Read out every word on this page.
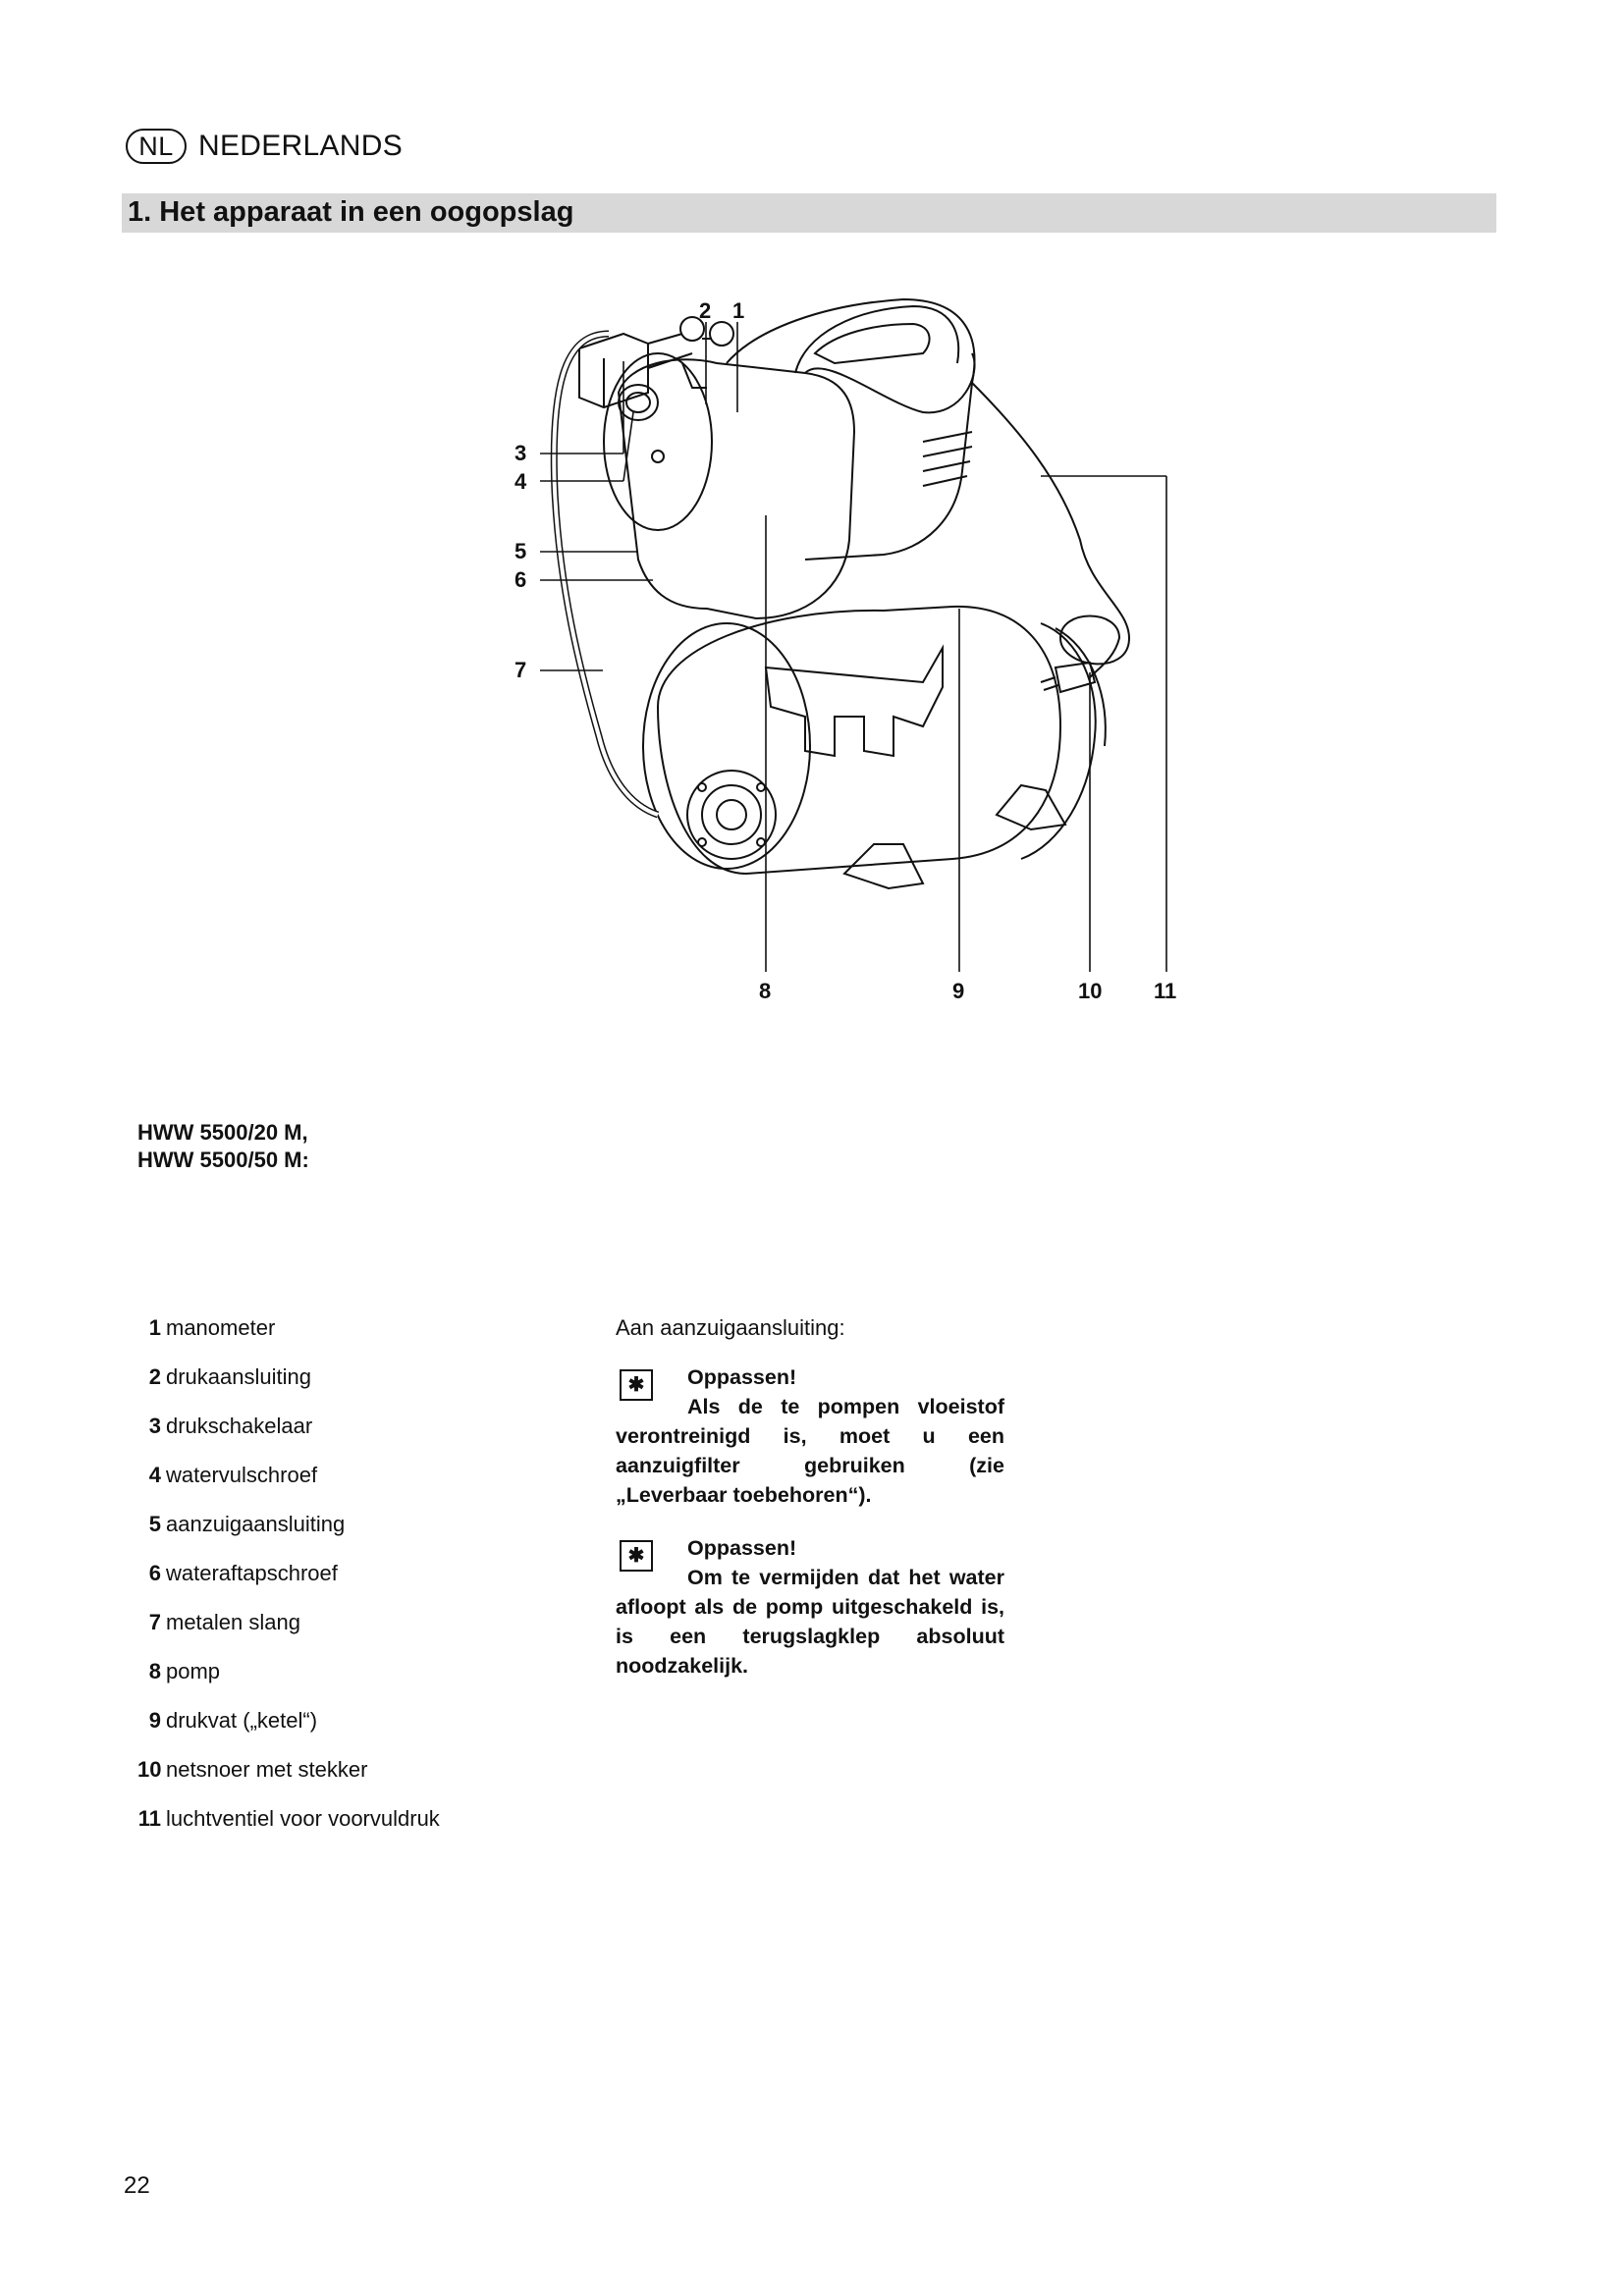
NL NEDERLANDS
1. Het apparaat in een oogopslag
1
2
3
4
5
6
7
8	9	10 11
HWW 5500/20 M,
HWW 5500/50 M:
1 manometer
2 drukaansluiting
3 drukschakelaar
4 watervulschroef
5 aanzuigaansluiting
6 wateraftapschroef
7 metalen slang
8 pomp
9 drukvat („ketel“)
10 netsnoer met stekker
11 luchtventiel voor voorvuldruk
Aan aanzuigaansluiting:
✱	Oppassen!
Als de te pompen vloeistof verontreinigd is, moet u een aanzuigfilter gebruiken (zie „Leverbaar toebehoren“).
✱	Oppassen!
Om te vermijden dat het water afloopt als de pomp uitgeschakeld is, is een terugslagklep absoluut noodzakelijk.
22
